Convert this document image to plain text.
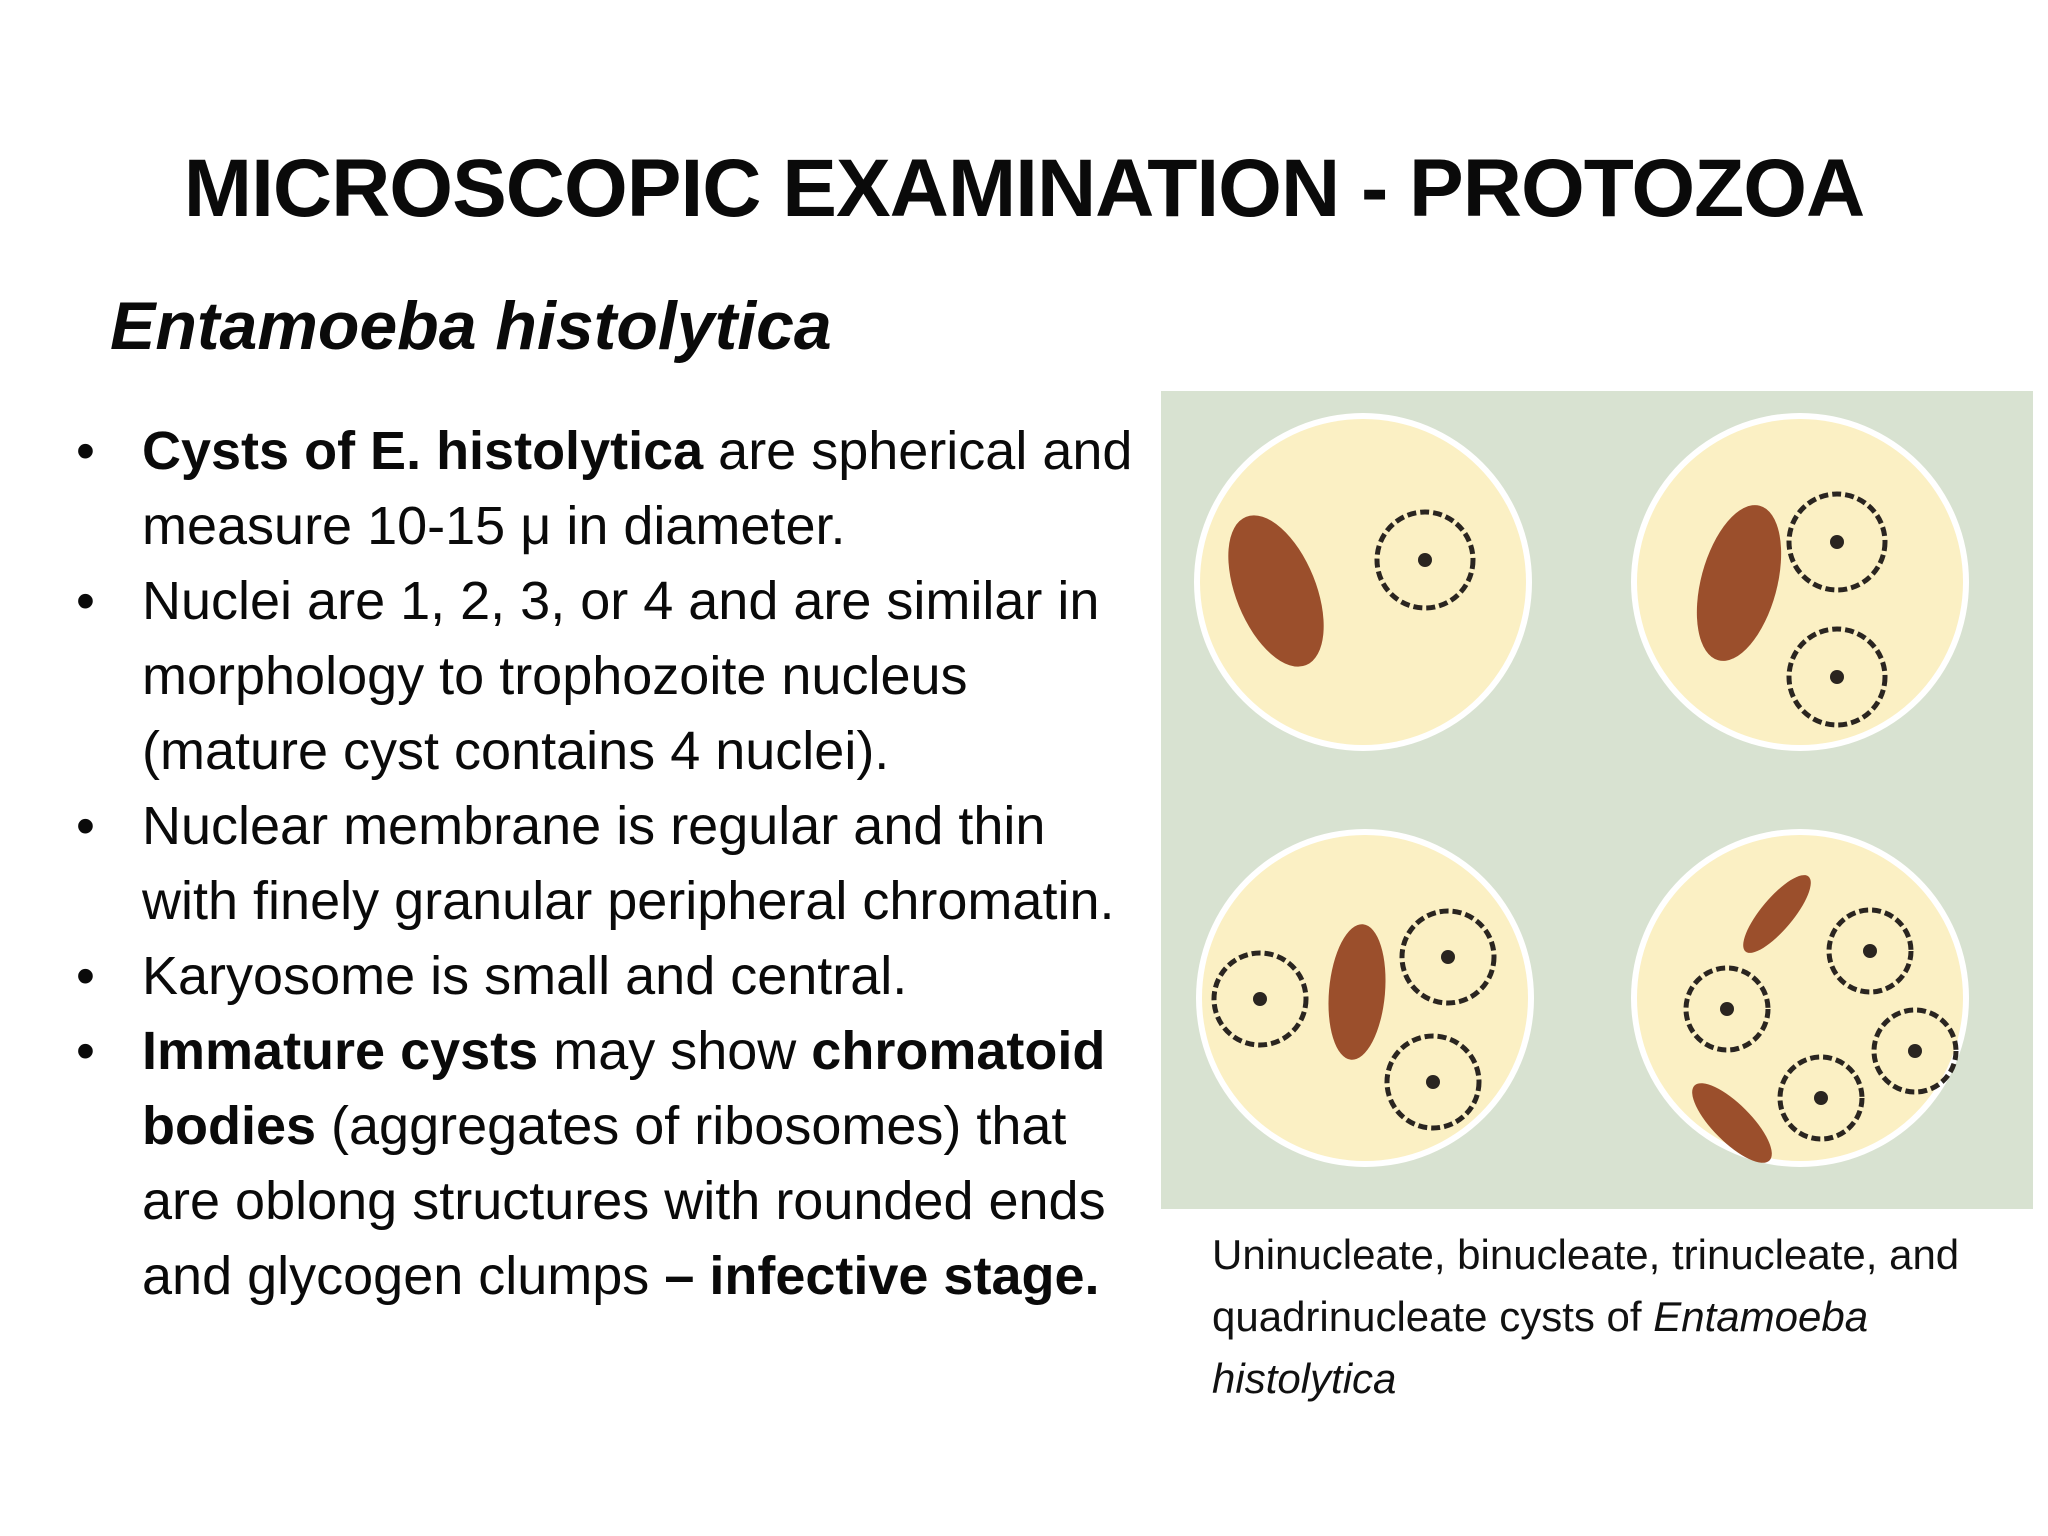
MICROSCOPIC EXAMINATION - PROTOZOA
Entamoeba histolytica
• Cysts of E. histolytica are spherical and measure 10-15 μ in diameter.
• Nuclei are 1, 2, 3, or 4 and are similar in morphology to trophozoite nucleus (mature cyst contains 4 nuclei).
• Nuclear membrane is regular and thin with finely granular peripheral chromatin.
• Karyosome is small and central.
• Immature cysts may show chromatoid bodies (aggregates of ribosomes) that are oblong structures with rounded ends and glycogen clumps – infective stage.	Uninucleate, binucleate, trinucleate, and quadrinucleate cysts of Entamoeba histolytica
